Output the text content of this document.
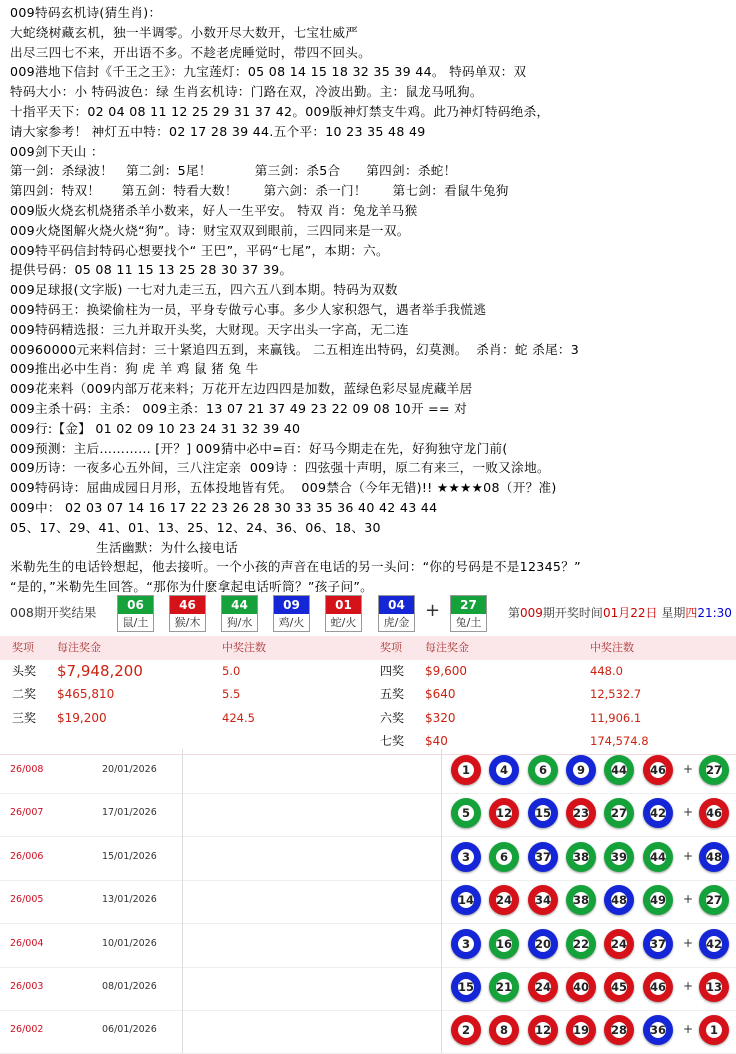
009特码玄机诗(猜生肖)：
大蛇绕树藏玄机，独一半调零。小数开尽大数开，七宝壮威严
出尽三四七不来，开出语不多。不趁老虎睡觉时，带四不回头。
009港地下信封《千王之王》：九宝莲灯：05 08 14 15 18 32 35 39 44。 特码单双：双
特码大小：小 特码波色：绿 生肖玄机诗：门路在双，冷波出勤。主：鼠龙马吼狗。
十指平天下：02 04 08 11 12 25 29 31 37 42。009版神灯禁支牛鸡。此乃神灯特码绝杀，
请大家参考！ 神灯五中特：02 17 28 39 44.五个平：10 23 35 48 49
009剑下天山 ：
第一剑：杀绿波！   第二剑：5尾！          第三剑：杀5合      第四剑：杀蛇！
第四剑：特双！     第五剑：特看大数！      第六剑：杀一门！      第七剑：看鼠牛兔狗
009版火烧玄机烧猪杀羊小数来，好人一生平安。 特双 肖：兔龙羊马猴
009火烧图解火烧火烧“狗”。诗：财宝双双到眼前，三四同来是一双。
009特平码信封特码心想要找个“ 王巴”，平码“七尾”，本期：六。
提供号码：05 08 11 15 13 25 28 30 37 39。
009足球报(文字版) 一七对九走三五，四六五八到本期。特码为双数
009特码王：换梁偷柱为一员，平身专做亏心事。多少人家积怨气，遇者举手我慌逃
009特码精选报：三九并取开头奖，大财现。天字出头一字高，无二连
00960000元来料信封：三十紧追四五到，来赢钱。 二五相连出特码，幻莫测。  杀肖：蛇 杀尾：3
009推出必中生肖：狗 虎 羊 鸡 鼠 猪 兔 牛
009花来料（009内部万花来料；万花开左边四四是加数，蓝绿色彩尽显虎藏羊居
009主杀十码：主杀： 009主杀：13 07 21 37 49 23 22 09 08 10开 == 对
009行:【金】 01 02 09 10 23 24 31 32 39 40
009预测：主后………… [开？] 009猜中必中=百：好马今期走在先，好狗独守龙门前(
009历诗：一夜多心五外间，三八注定亲  009诗 ：四弦强十声明，原二有来三，一败又涂地。
009特码诗：屈曲成园日月形，五体投地皆有凭。  009禁合（今年无错)!! ★★★★08（开？准)
009中： 02 03 07 14 16 17 22 23 26 28 30 33 35 36 40 42 43 44
05、17、29、41、01、13、25、12、24、36、06、18、30
生活幽默：为什么接电话
米勒先生的电话铃想起，他去接听。一个小孩的声音在电话的另一头问：“你的号码是不是12345？”
“是的，”米勒先生回答。“那你为什麽拿起电话听筒？”孩子问”。
008期开奖结果	06
鼠/土
46
猴/木
44
狗/水
09
鸡/火
01
蛇/火
04
虎/金
27
兔/土
+	第009期开奖时间01月22日 星期四21:30
奖项 每注奖金	中奖注数	奖项 每注奖金	中奖注数
头奖 $7,948,200	5.0	四奖 $9,600	448.0
二奖 $465,810	5.5	五奖 $640	12,532.7
三奖 $19,200	424.5	六奖 $320	11,906.1
七奖 $40	174,574.8
26/008	20/01/2026	1	4	6	9	44 46 + 27
26/007	17/01/2026	5	12 15 23 27 42 + 46
26/006	15/01/2026	3	6	37 38 39 44 + 48
26/005	13/01/2026	14 24 34 38 48 49 + 27
26/004	10/01/2026	3	16 20 22 24 37 + 42
26/003	08/01/2026	15 21 24 40 45 46 + 13
26/002	06/01/2026	2	8	12 19 28 36 +	1
